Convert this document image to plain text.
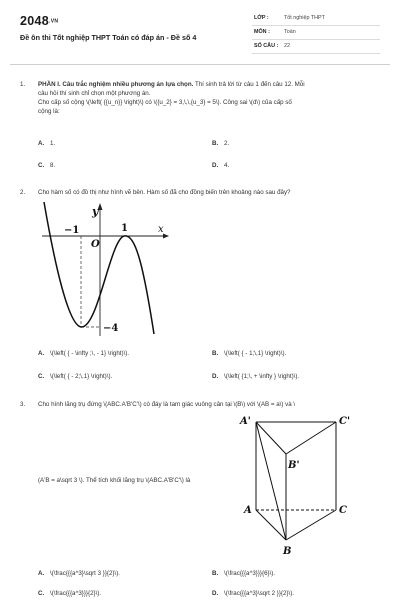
2048.VN
Đề ôn thi Tốt nghiệp THPT Toán có đáp án - Đề số 4
LỚP :	Tốt nghiệp THPT
MÔN :	Toán
SỐ CÂU : 22
1. PHẦN I. Câu trắc nghiệm nhiều phương án lựa chọn. Thí sinh trả lời từ câu 1 đến câu 12. Mỗi
câu hỏi thí sinh chỉ chọn một phương án.
Cho cấp số cộng \(\left( {{u_n}} \right)\) có \({u_2} = 3,\,\,{u_3} = 5\). Công sai \(d\) của cấp số
cộng là:
A. 1.	B. 2.
C. 8.	D. 4.
2. Cho hàm số có đồ thị như hình vẽ bên. Hàm số đã cho đồng biến trên khoảng nào sau đây?
y
x
O
−1	1
−4
A. \(\left( { - \infty ;\, - 1} \right)\).	B. \(\left( { - 1;\,1} \right)\).
C. \(\left( { - 2;\,1} \right)\).	D. \(\left( {1;\, + \infty } \right)\).
3. Cho hình lăng trụ đứng \(ABC.A'B'C'\) có đáy là tam giác vuông cân tại \(B\) với \(AB = a\) và \
(A'B = a\sqrt 3 \). Thể tích khối lăng trụ \(ABC.A'B'C'\) là
A'	C'
B'
A	C
B
A. \(\frac{{{a^3}\sqrt 3 }}{2}\).	B. \(\frac{{{a^3}}}{6}\).
C. \(\frac{{{a^3}}}{2}\).	D. \(\frac{{{a^3}\sqrt 2 }}{2}\).
